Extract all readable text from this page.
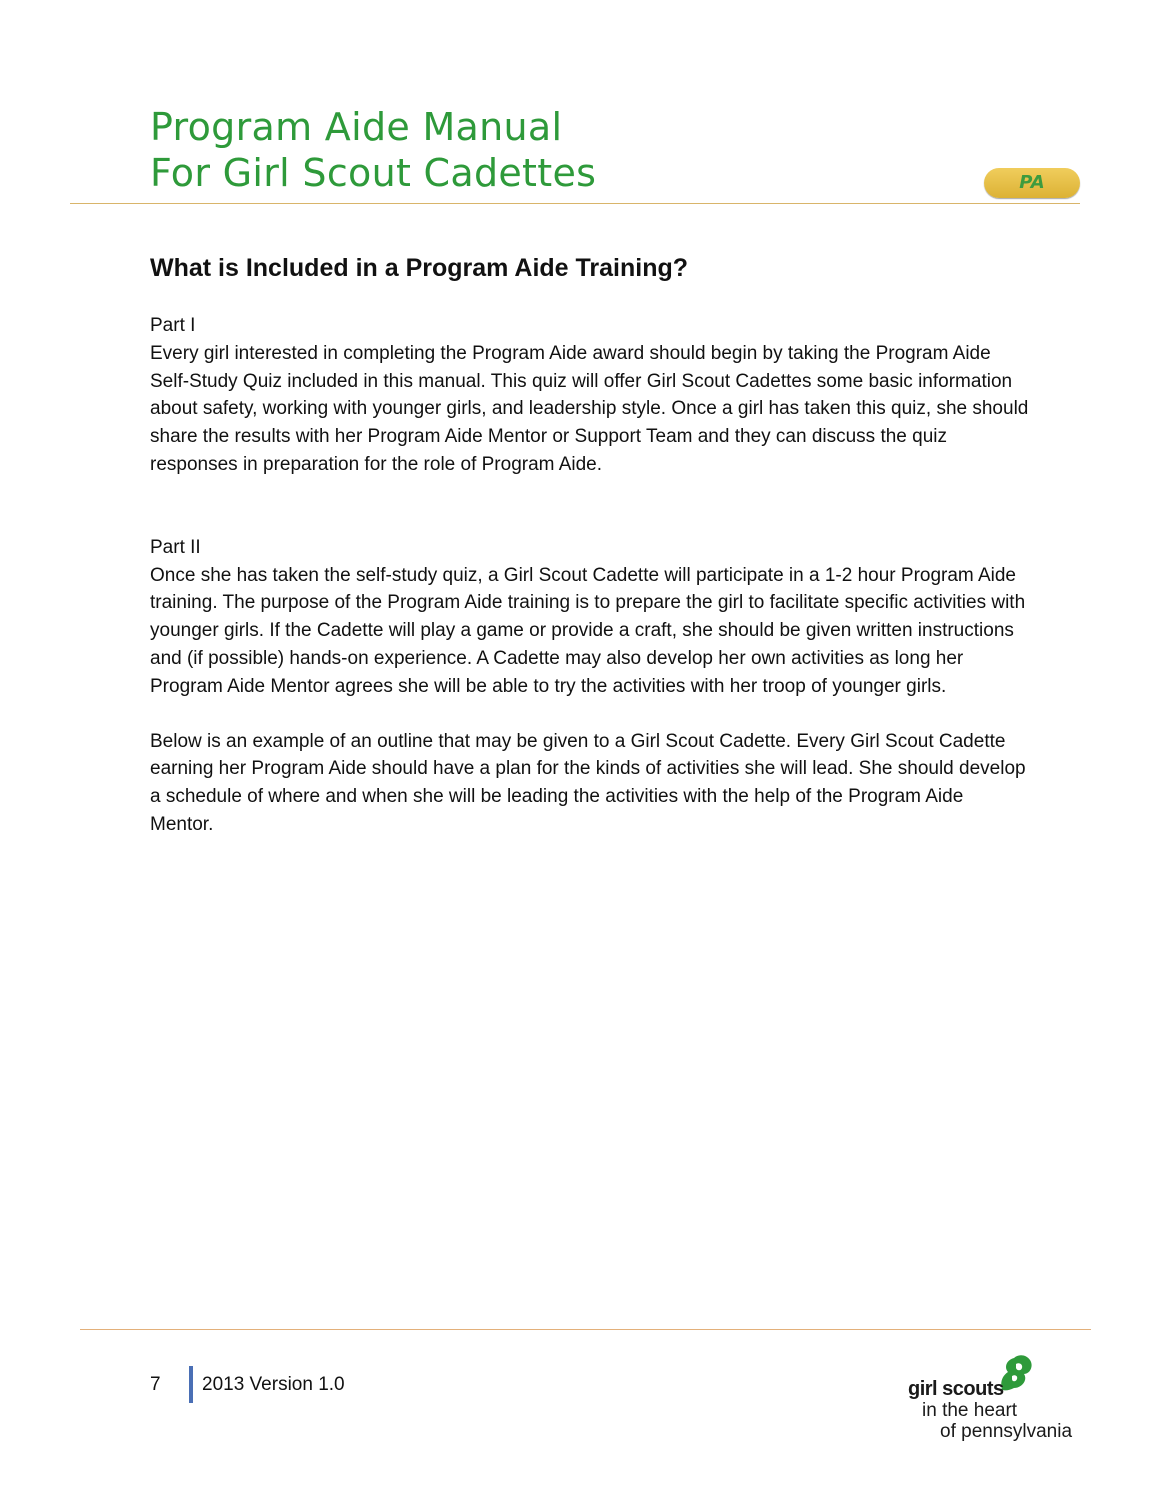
Program Aide Manual
For Girl Scout Cadettes	PA
What is Included in a Program Aide Training?

Part I

Every girl interested in completing the Program Aide award should begin by taking the Program Aide Self-Study Quiz included in this manual. This quiz will offer Girl Scout Cadettes some basic information about safety, working with younger girls, and leadership style. Once a girl has taken this quiz, she should share the results with her Program Aide Mentor or Support Team and they can discuss the quiz responses in preparation for the role of Program Aide.

Part II

Once she has taken the self-study quiz, a Girl Scout Cadette will participate in a 1-2 hour Program Aide training. The purpose of the Program Aide training is to prepare the girl to facilitate specific activities with younger girls. If the Cadette will play a game or provide a craft, she should be given written instructions and (if possible) hands-on experience. A Cadette may also develop her own activities as long her Program Aide Mentor agrees she will be able to try the activities with her troop of younger girls.

Below is an example of an outline that may be given to a Girl Scout Cadette. Every Girl Scout Cadette earning her Program Aide should have a plan for the kinds of activities she will lead. She should develop a schedule of where and when she will be leading the activities with the help of the Program Aide Mentor.

7 2013 Version 1.0	girl scouts
in the heart
of pennsylvania
